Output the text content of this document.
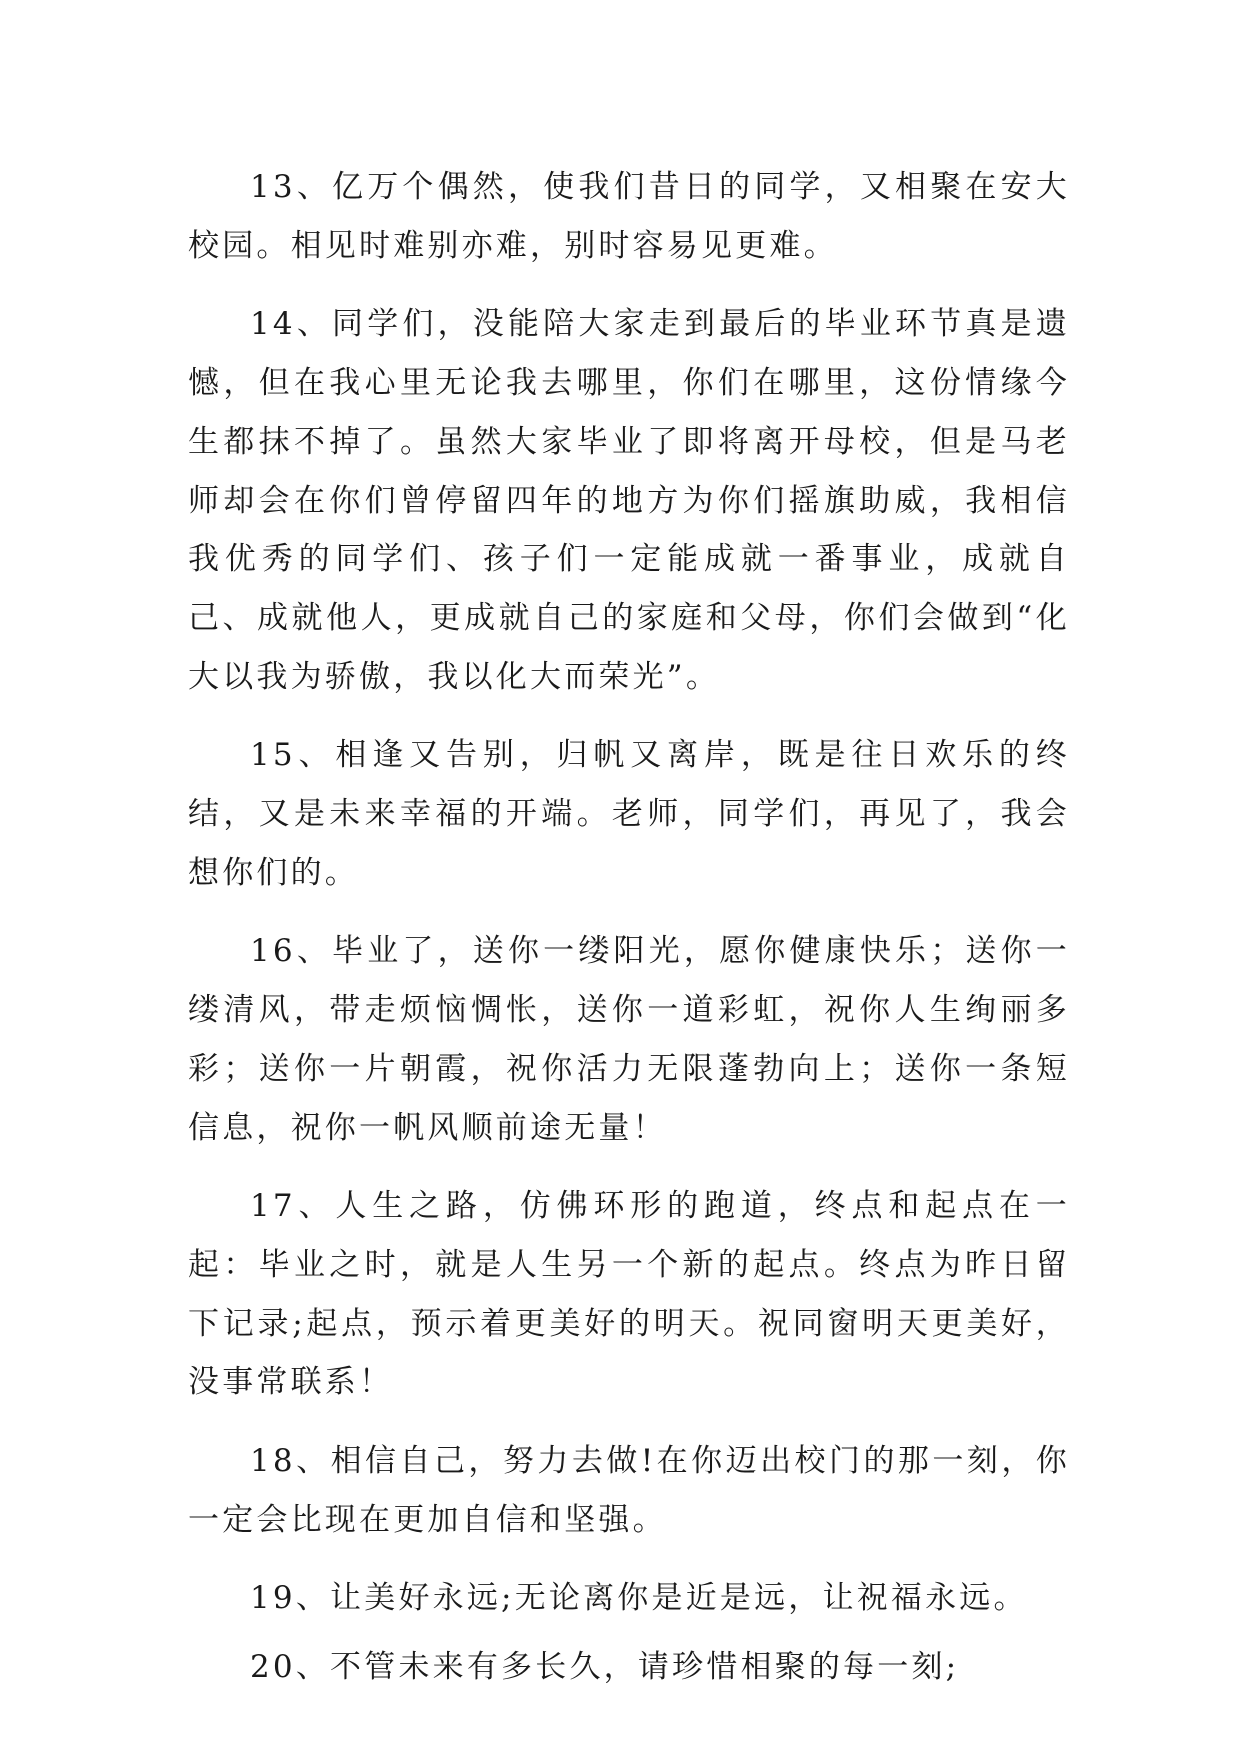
13、亿万个偶然，使我们昔日的同学，又相聚在安大校园。相见时难别亦难，别时容易见更难。

14、同学们，没能陪大家走到最后的毕业环节真是遗憾，但在我心里无论我去哪里，你们在哪里，这份情缘今生都抹不掉了。虽然大家毕业了即将离开母校，但是马老师却会在你们曾停留四年的地方为你们摇旗助威，我相信我优秀的同学们、孩子们一定能成就一番事业，成就自己、成就他人，更成就自己的家庭和父母，你们会做到“化大以我为骄傲，我以化大而荣光”。

15、相逢又告别，归帆又离岸，既是往日欢乐的终结，又是未来幸福的开端。老师，同学们，再见了，我会想你们的。

16、毕业了，送你一缕阳光，愿你健康快乐；送你一缕清风，带走烦恼惆怅，送你一道彩虹，祝你人生绚丽多彩；送你一片朝霞，祝你活力无限蓬勃向上；送你一条短信息，祝你一帆风顺前途无量！

17、人生之路，仿佛环形的跑道，终点和起点在一起：毕业之时，就是人生另一个新的起点。终点为昨日留下记录;起点，预示着更美好的明天。祝同窗明天更美好，没事常联系！

18、相信自己，努力去做!在你迈出校门的那一刻，你一定会比现在更加自信和坚强。

19、让美好永远;无论离你是近是远，让祝福永远。

20、不管未来有多长久，请珍惜相聚的每一刻;
